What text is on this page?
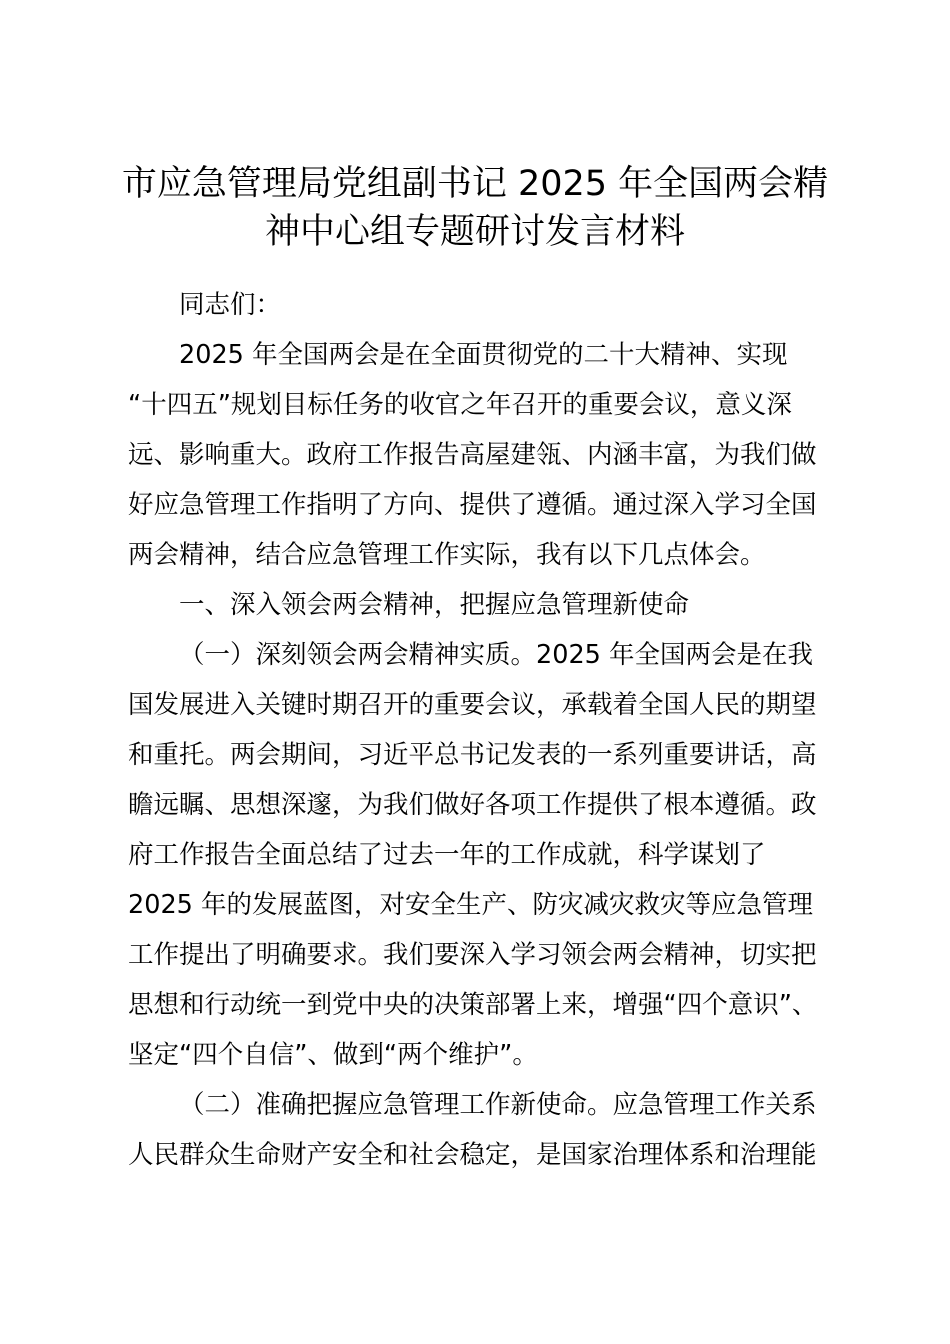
市应急管理局党组副书记 2025 年全国两会精
神中心组专题研讨发言材料
同志们：
2025 年全国两会是在全面贯彻党的二十大精神、实现
“十四五”规划目标任务的收官之年召开的重要会议，意义深
远、影响重大。政府工作报告高屋建瓴、内涵丰富，为我们做
好应急管理工作指明了方向、提供了遵循。通过深入学习全国
两会精神，结合应急管理工作实际，我有以下几点体会。
一、深入领会两会精神，把握应急管理新使命
（一）深刻领会两会精神实质。2025 年全国两会是在我
国发展进入关键时期召开的重要会议，承载着全国人民的期望
和重托。两会期间，习近平总书记发表的一系列重要讲话，高
瞻远瞩、思想深邃，为我们做好各项工作提供了根本遵循。政
府工作报告全面总结了过去一年的工作成就，科学谋划了
2025 年的发展蓝图，对安全生产、防灾减灾救灾等应急管理
工作提出了明确要求。我们要深入学习领会两会精神，切实把
思想和行动统一到党中央的决策部署上来，增强“四个意识”、
坚定“四个自信”、做到“两个维护”。
（二）准确把握应急管理工作新使命。应急管理工作关系
人民群众生命财产安全和社会稳定，是国家治理体系和治理能
